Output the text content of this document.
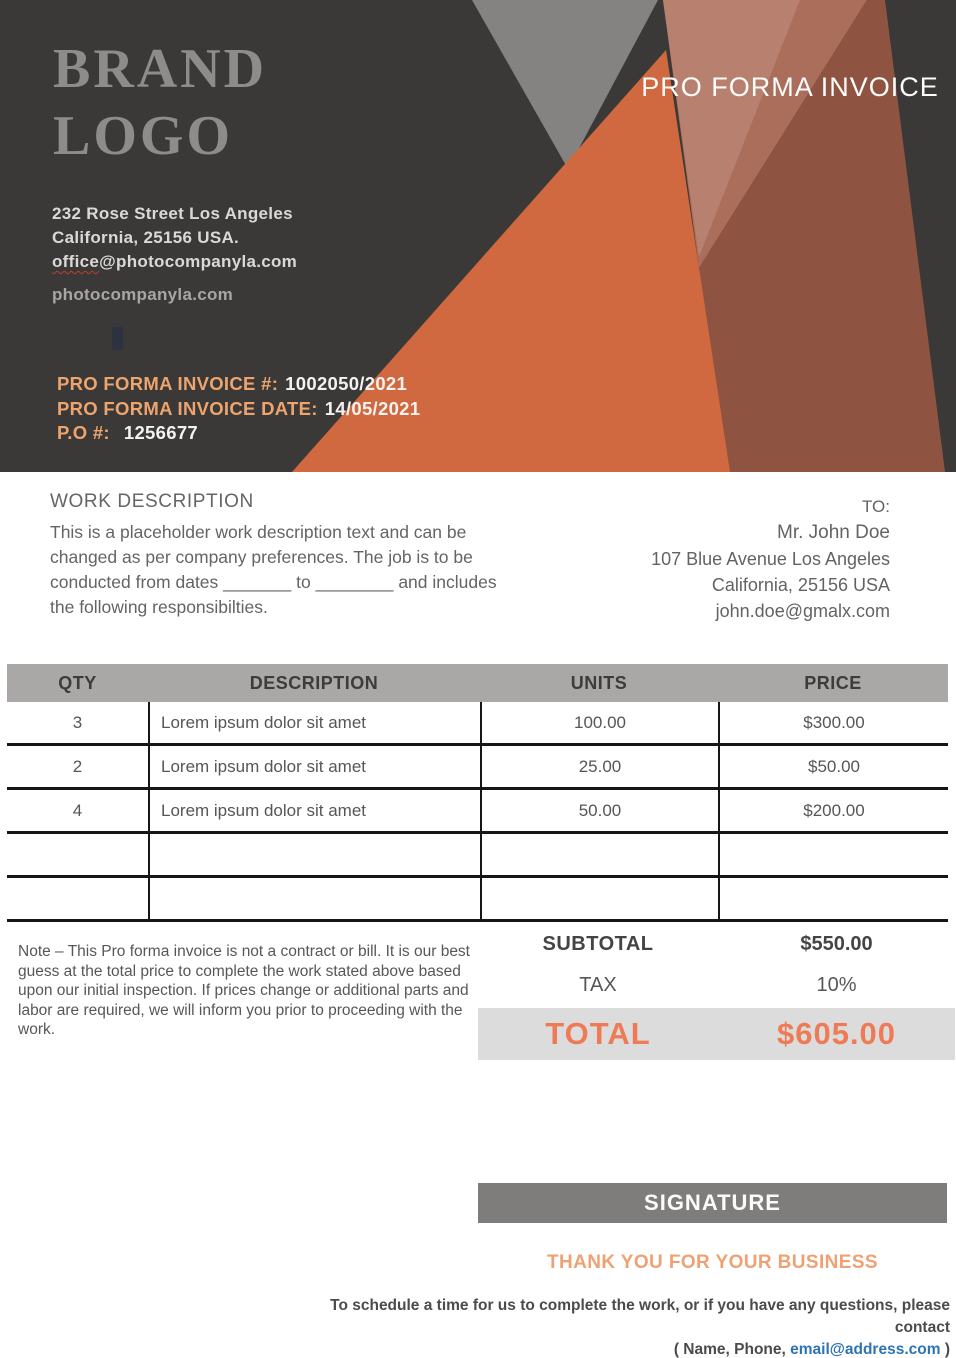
BRAND
LOGO
232 Rose Street Los Angeles
California, 25156 USA.
office@photocompanyla.com
photocompanyla.com
PRO FORMA INVOICE
PRO FORMA INVOICE #: 1002050/2021
PRO FORMA INVOICE DATE: 14/05/2021
P.O #: 1256677
WORK DESCRIPTION

This is a placeholder work description text and can be changed as per company preferences. The job is to be conducted from dates _______ to ________ and includes the following responsibilties.

TO:
Mr. John Doe
107 Blue Avenue Los Angeles
California, 25156 USA
john.doe@gmalx.com
QTY	DESCRIPTION	UNITS	PRICE
3	Lorem ipsum dolor sit amet	100.00	$300.00
2	Lorem ipsum dolor sit amet	25.00	$50.00
4	Lorem ipsum dolor sit amet	50.00	$200.00
Note – This Pro forma invoice is not a contract or bill. It is our best guess at the total price to complete the work stated above based upon our initial inspection. If prices change or additional parts and labor are required, we will inform you prior to proceeding with the work.
SUBTOTAL	$550.00
TAX	10%
TOTAL	$605.00
SIGNATURE
THANK YOU FOR YOUR BUSINESS
To schedule a time for us to complete the work, or if you have any questions, please contact
( Name, Phone, email@address.com )
